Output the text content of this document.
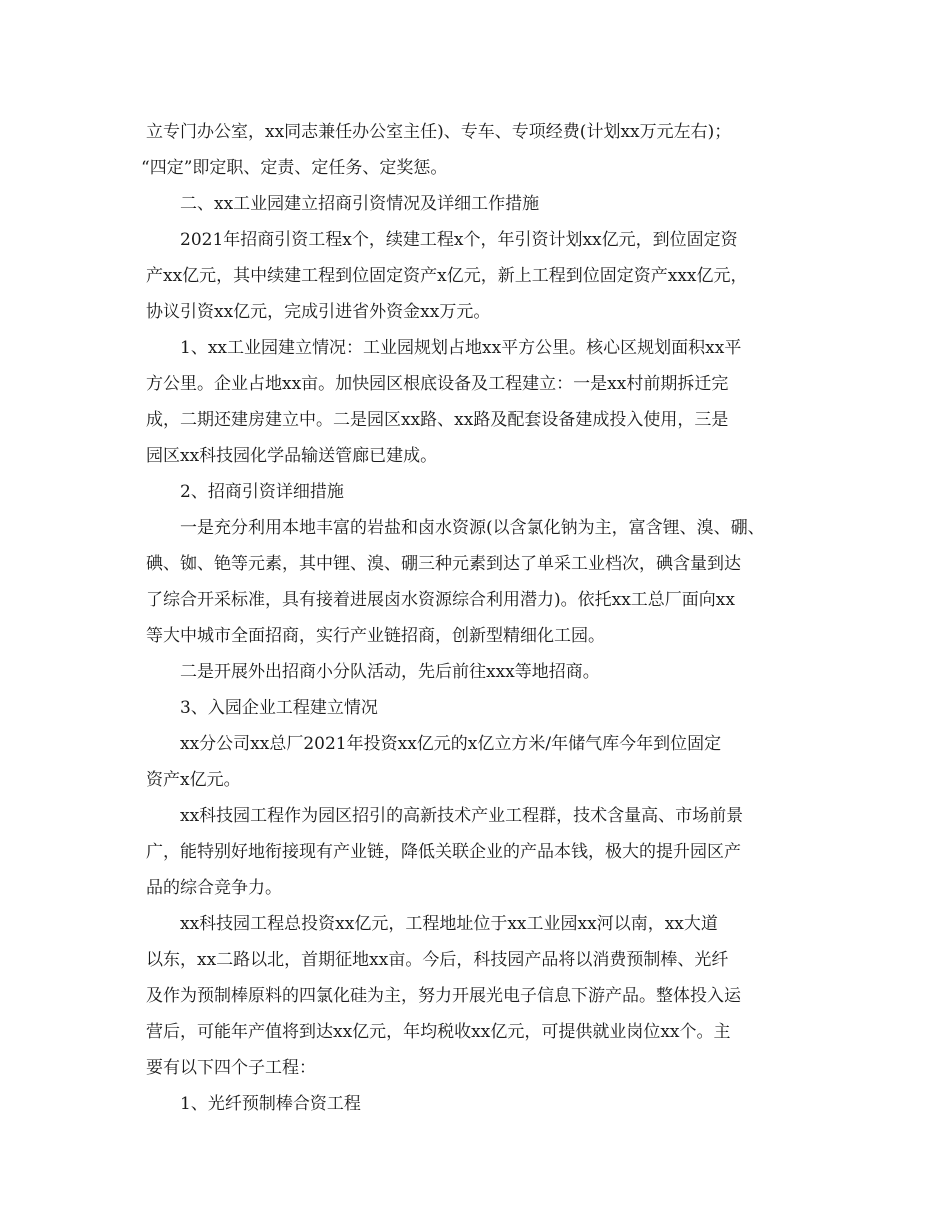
立专门办公室，xx同志兼任办公室主任)、专车、专项经费(计划xx万元左右)；
“四定”即定职、定责、定任务、定奖惩。
二、xx工业园建立招商引资情况及详细工作措施
2021年招商引资工程x个，续建工程x个，年引资计划xx亿元，到位固定资
产xx亿元，其中续建工程到位固定资产x亿元，新上工程到位固定资产xxx亿元，
协议引资xx亿元，完成引进省外资金xx万元。
1、xx工业园建立情况：工业园规划占地xx平方公里。核心区规划面积xx平
方公里。企业占地xx亩。加快园区根底设备及工程建立：一是xx村前期拆迁完
成，二期还建房建立中。二是园区xx路、xx路及配套设备建成投入使用，三是
园区xx科技园化学品输送管廊已建成。
2、招商引资详细措施
一是充分利用本地丰富的岩盐和卤水资源(以含氯化钠为主，富含锂、溴、硼、
碘、铷、铯等元素，其中锂、溴、硼三种元素到达了单采工业档次，碘含量到达
了综合开采标准，具有接着进展卤水资源综合利用潜力)。依托xx工总厂面向xx
等大中城市全面招商，实行产业链招商，创新型精细化工园。
二是开展外出招商小分队活动，先后前往xxx等地招商。
3、入园企业工程建立情况
xx分公司xx总厂2021年投资xx亿元的x亿立方米/年储气库今年到位固定
资产x亿元。
xx科技园工程作为园区招引的高新技术产业工程群，技术含量高、市场前景
广，能特别好地衔接现有产业链，降低关联企业的产品本钱，极大的提升园区产
品的综合竞争力。
xx科技园工程总投资xx亿元，工程地址位于xx工业园xx河以南，xx大道
以东，xx二路以北，首期征地xx亩。今后，科技园产品将以消费预制棒、光纤
及作为预制棒原料的四氯化硅为主，努力开展光电子信息下游产品。整体投入运
营后，可能年产值将到达xx亿元，年均税收xx亿元，可提供就业岗位xx个。主
要有以下四个子工程：
1、光纤预制棒合资工程
